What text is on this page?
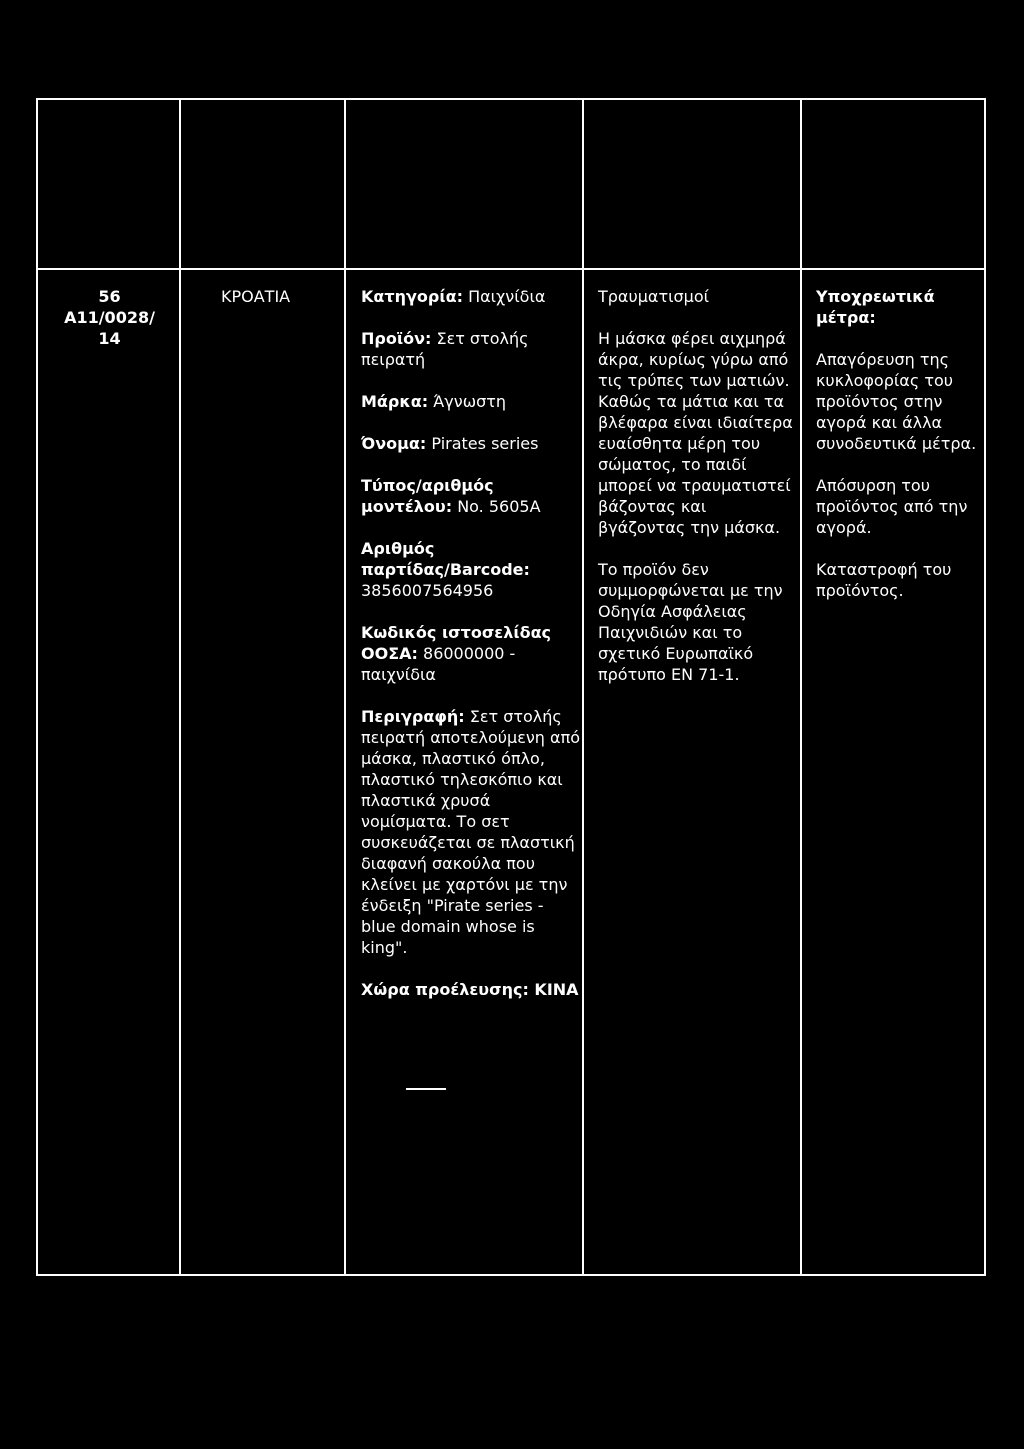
56
A11/0028/ 14
ΚΡΟΑΤΙΑ	Κατηγορία: Παιχνίδια
Προϊόν: Σετ στολής πειρατή
Μάρκα: Άγνωστη
Όνομα: Pirates series
Τύπος/αριθμός μοντέλου: No. 5605A
Αριθμός παρτίδας/Barcode: 3856007564956
Κωδικός ιστοσελίδας ΟΟΣΑ: 86000000 - παιχνίδια
Περιγραφή: Σετ στολής πειρατή αποτελούμενη από μάσκα, πλαστικό όπλο, πλαστικό τηλεσκόπιο και πλαστικά χρυσά νομίσματα. Το σετ συσκευάζεται σε πλαστική διαφανή σακούλα που κλείνει με χαρτόνι με την ένδειξη "Pirate series - blue domain whose is king".
Χώρα προέλευσης: ΚΙΝΑ
Τραυματισμοί
Η μάσκα φέρει αιχμηρά άκρα, κυρίως γύρω από τις τρύπες των ματιών. Καθώς τα μάτια και τα βλέφαρα είναι ιδιαίτερα ευαίσθητα μέρη του σώματος, το παιδί μπορεί να τραυματιστεί βάζοντας και βγάζοντας την μάσκα.
Το προϊόν δεν συμμορφώνεται με την Οδηγία Ασφάλειας Παιχνιδιών και το σχετικό Ευρωπαϊκό πρότυπο EN 71-1.
Υποχρεωτικά μέτρα:
Απαγόρευση της κυκλοφορίας του προϊόντος στην αγορά και άλλα συνοδευτικά μέτρα.
Απόσυρση του προϊόντος από την αγορά.
Καταστροφή του προϊόντος.
